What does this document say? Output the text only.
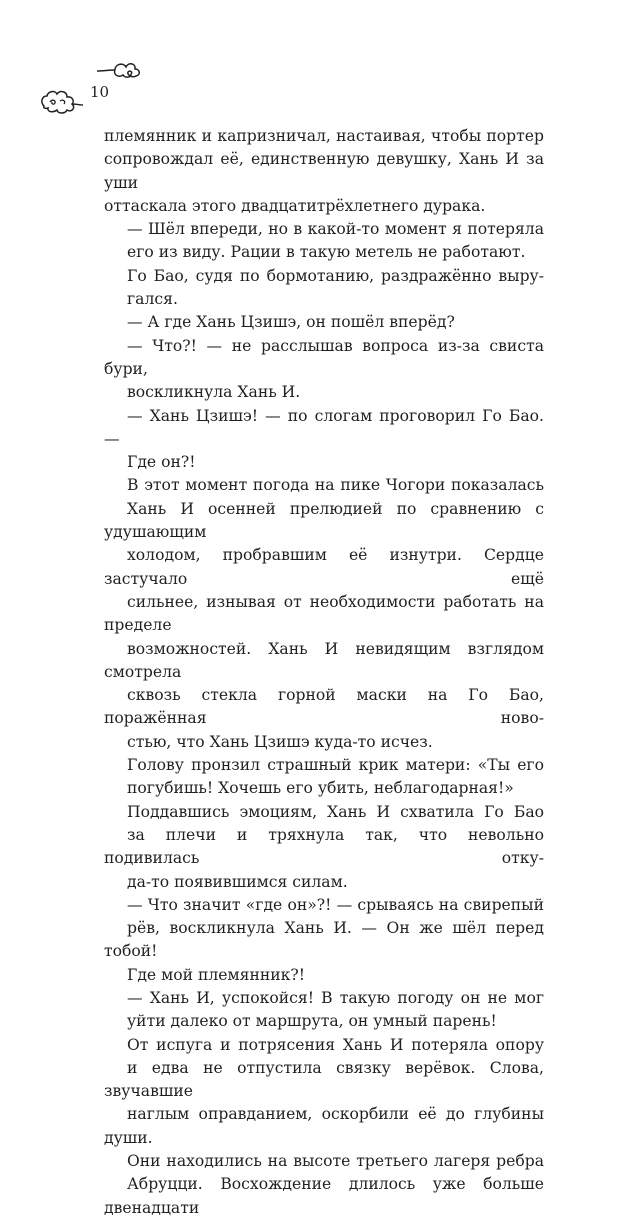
10

племянник и капризничал, настаивая, чтобы портер
сопровождал её, единственную девушку, Хань И за уши
оттаскала этого двадцатитрёхлетнего дурака.

— Шёл впереди, но в какой-то момент я потеряла
его из виду. Рации в такую метель не работают.

Го Бао, судя по бормотанию, раздражённо выру-
гался.

— А где Хань Цзишэ, он пошёл вперёд?

— Что?! — не расслышав вопроса из-за свиста бури,
воскликнула Хань И.

— Хань Цзишэ! — по слогам проговорил Го Бао. —
Где он?!

В этот момент погода на пике Чогори показалась
Хань И осенней прелюдией по сравнению с удушающим
холодом, пробравшим её изнутри. Сердце застучало ещё
сильнее, изнывая от необходимости работать на пределе
возможностей. Хань И невидящим взглядом смотрела
сквозь стекла горной маски на Го Бао, поражённая ново-
стью, что Хань Цзишэ куда-то исчез.

Голову пронзил страшный крик матери: «Ты его
погубишь! Хочешь его убить, неблагодарная!»

Поддавшись эмоциям, Хань И схватила Го Бао
за плечи и тряхнула так, что невольно подивилась отку-
да-то появившимся силам.

— Что значит «где он»?! — срываясь на свирепый
рёв, воскликнула Хань И. — Он же шёл перед тобой!
Где мой племянник?!

— Хань И, успокойся! В такую погоду он не мог
уйти далеко от маршрута, он умный парень!

От испуга и потрясения Хань И потеряла опору
и едва не отпустила связку верёвок. Слова, звучавшие
наглым оправданием, оскорбили её до глубины души.
Они находились на высоте третьего лагеря ребра
Абруцци. Восхождение длилось уже больше двенадцати
